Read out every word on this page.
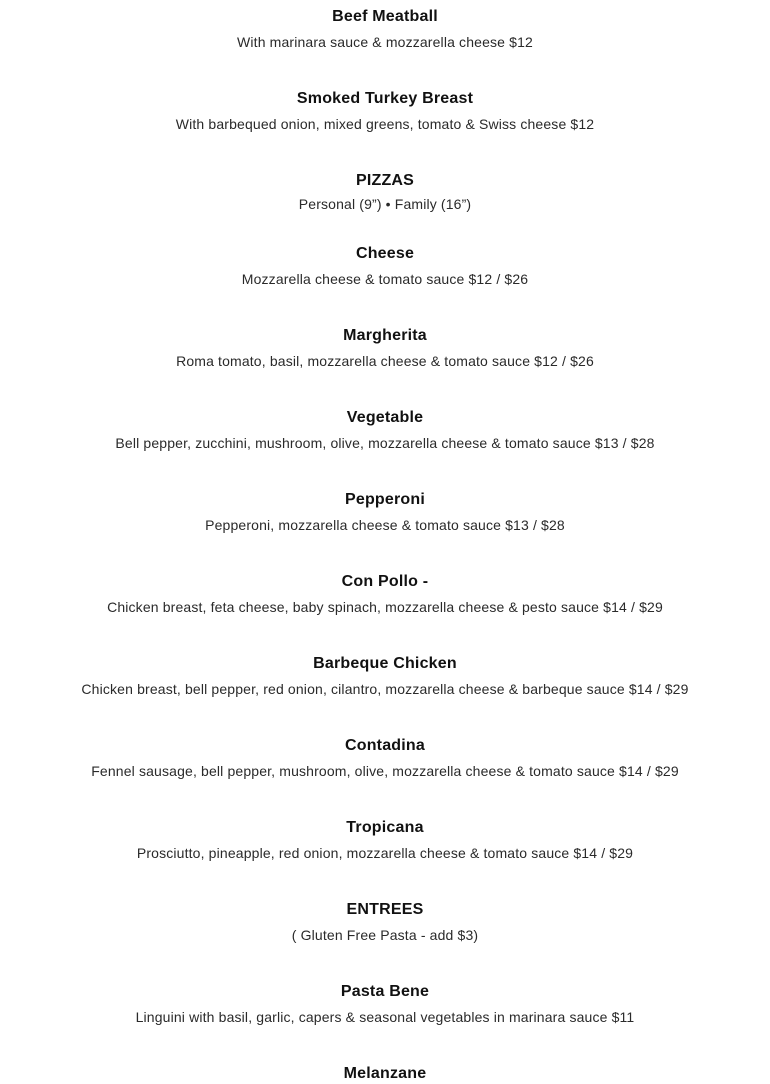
Beef Meatball
With marinara sauce & mozzarella cheese $12
Smoked Turkey Breast
With barbequed onion, mixed greens, tomato & Swiss cheese $12
PIZZAS
Personal (9”) • Family (16”)
Cheese
Mozzarella cheese & tomato sauce $12 / $26
Margherita
Roma tomato, basil, mozzarella cheese & tomato sauce $12 / $26
Vegetable
Bell pepper, zucchini, mushroom, olive, mozzarella cheese & tomato sauce $13 / $28
Pepperoni
Pepperoni, mozzarella cheese & tomato sauce $13 / $28
Con Pollo -
Chicken breast, feta cheese, baby spinach, mozzarella cheese & pesto sauce $14 / $29
Barbeque Chicken
Chicken breast, bell pepper, red onion, cilantro, mozzarella cheese & barbeque sauce $14 / $29
Contadina
Fennel sausage, bell pepper, mushroom, olive, mozzarella cheese & tomato sauce $14 / $29
Tropicana
Prosciutto, pineapple, red onion, mozzarella cheese & tomato sauce $14 / $29
ENTREES
( Gluten Free Pasta - add $3)
Pasta Bene
Linguini with basil, garlic, capers & seasonal vegetables in marinara sauce $11
Melanzane
